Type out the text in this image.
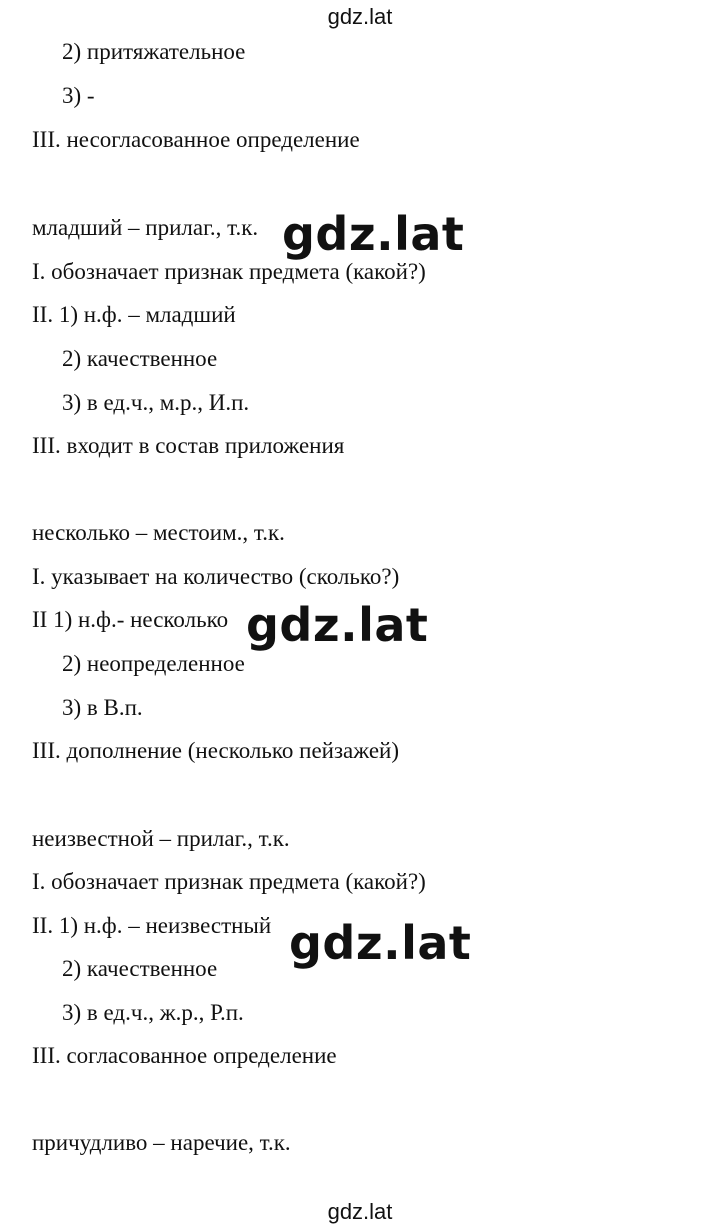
gdz.lat
2) притяжательное
3) -
III. несогласованное определение
младший – прилаг., т.к.
I. обозначает признак предмета (какой?)
II. 1) н.ф. – младший
2) качественное
3) в ед.ч., м.р., И.п.
III. входит в состав приложения
несколько – местоим., т.к.
I. указывает на количество (сколько?)
II 1) н.ф.- несколько
2) неопределенное
3) в В.п.
III. дополнение (несколько пейзажей)
неизвестной – прилаг., т.к.
I. обозначает признак предмета (какой?)
II. 1) н.ф. – неизвестный
2) качественное
3) в ед.ч., ж.р., Р.п.
III. согласованное определение
причудливо – наречие, т.к.
gdz.lat
gdz.lat
gdz.lat
gdz.lat
